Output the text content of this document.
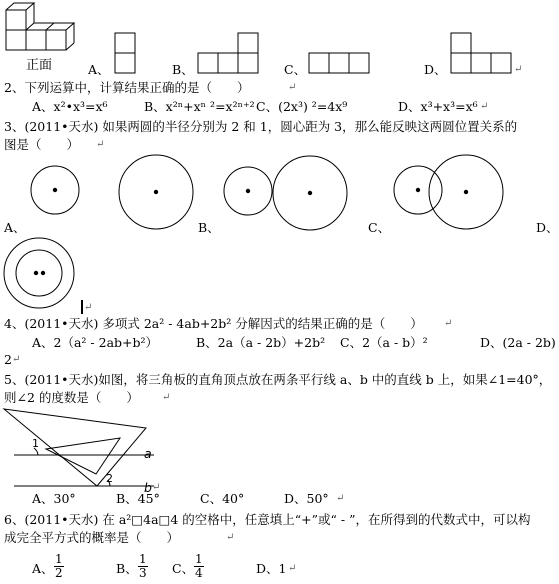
正面	A、	B、	C、	D、	↵
2、下列运算中，计算结果正确的是（　　）	↵
A、x²•x³=x⁶	B、x²ⁿ+xⁿ ²=x²ⁿ⁺² C、(2x³) ²=4x⁹	D、x³+x³=x⁶ ↵
3、(2011•天水) 如果两圆的半径分别为 2 和 1，圆心距为 3，那么能反映这两圆位置关系的
图是（　　） ↵
A、	B、	C、	D、
↵
4、(2011•天水) 多项式 2a² - 4ab+2b² 分解因式的结果正确的是（　　） ↵
A、2（a² - 2ab+b²）	B、2a（a - 2b）+2b² C、2（a - b）²	D、(2a - 2b)
2 ↵
5、(2011•天水)如图，将三角板的直角顶点放在两条平行线 a、b 中的直线 b 上，如果∠1=40°，
则∠2 的度数是（　　） ↵
1
a
2
b ↵
A、30°	B、45°	C、40°	D、50° ↵
6、(2011•天水) 在 a²□4a□4 的空格中，任意填上“+”或“ - ”，在所得到的代数式中，可以构
成完全平方式的概率是（　　）	↵
A、 $\frac{1}{2}$	B、 $\frac{1}{3}$ C、 $\frac{1}{4}$	D、1 ↵
